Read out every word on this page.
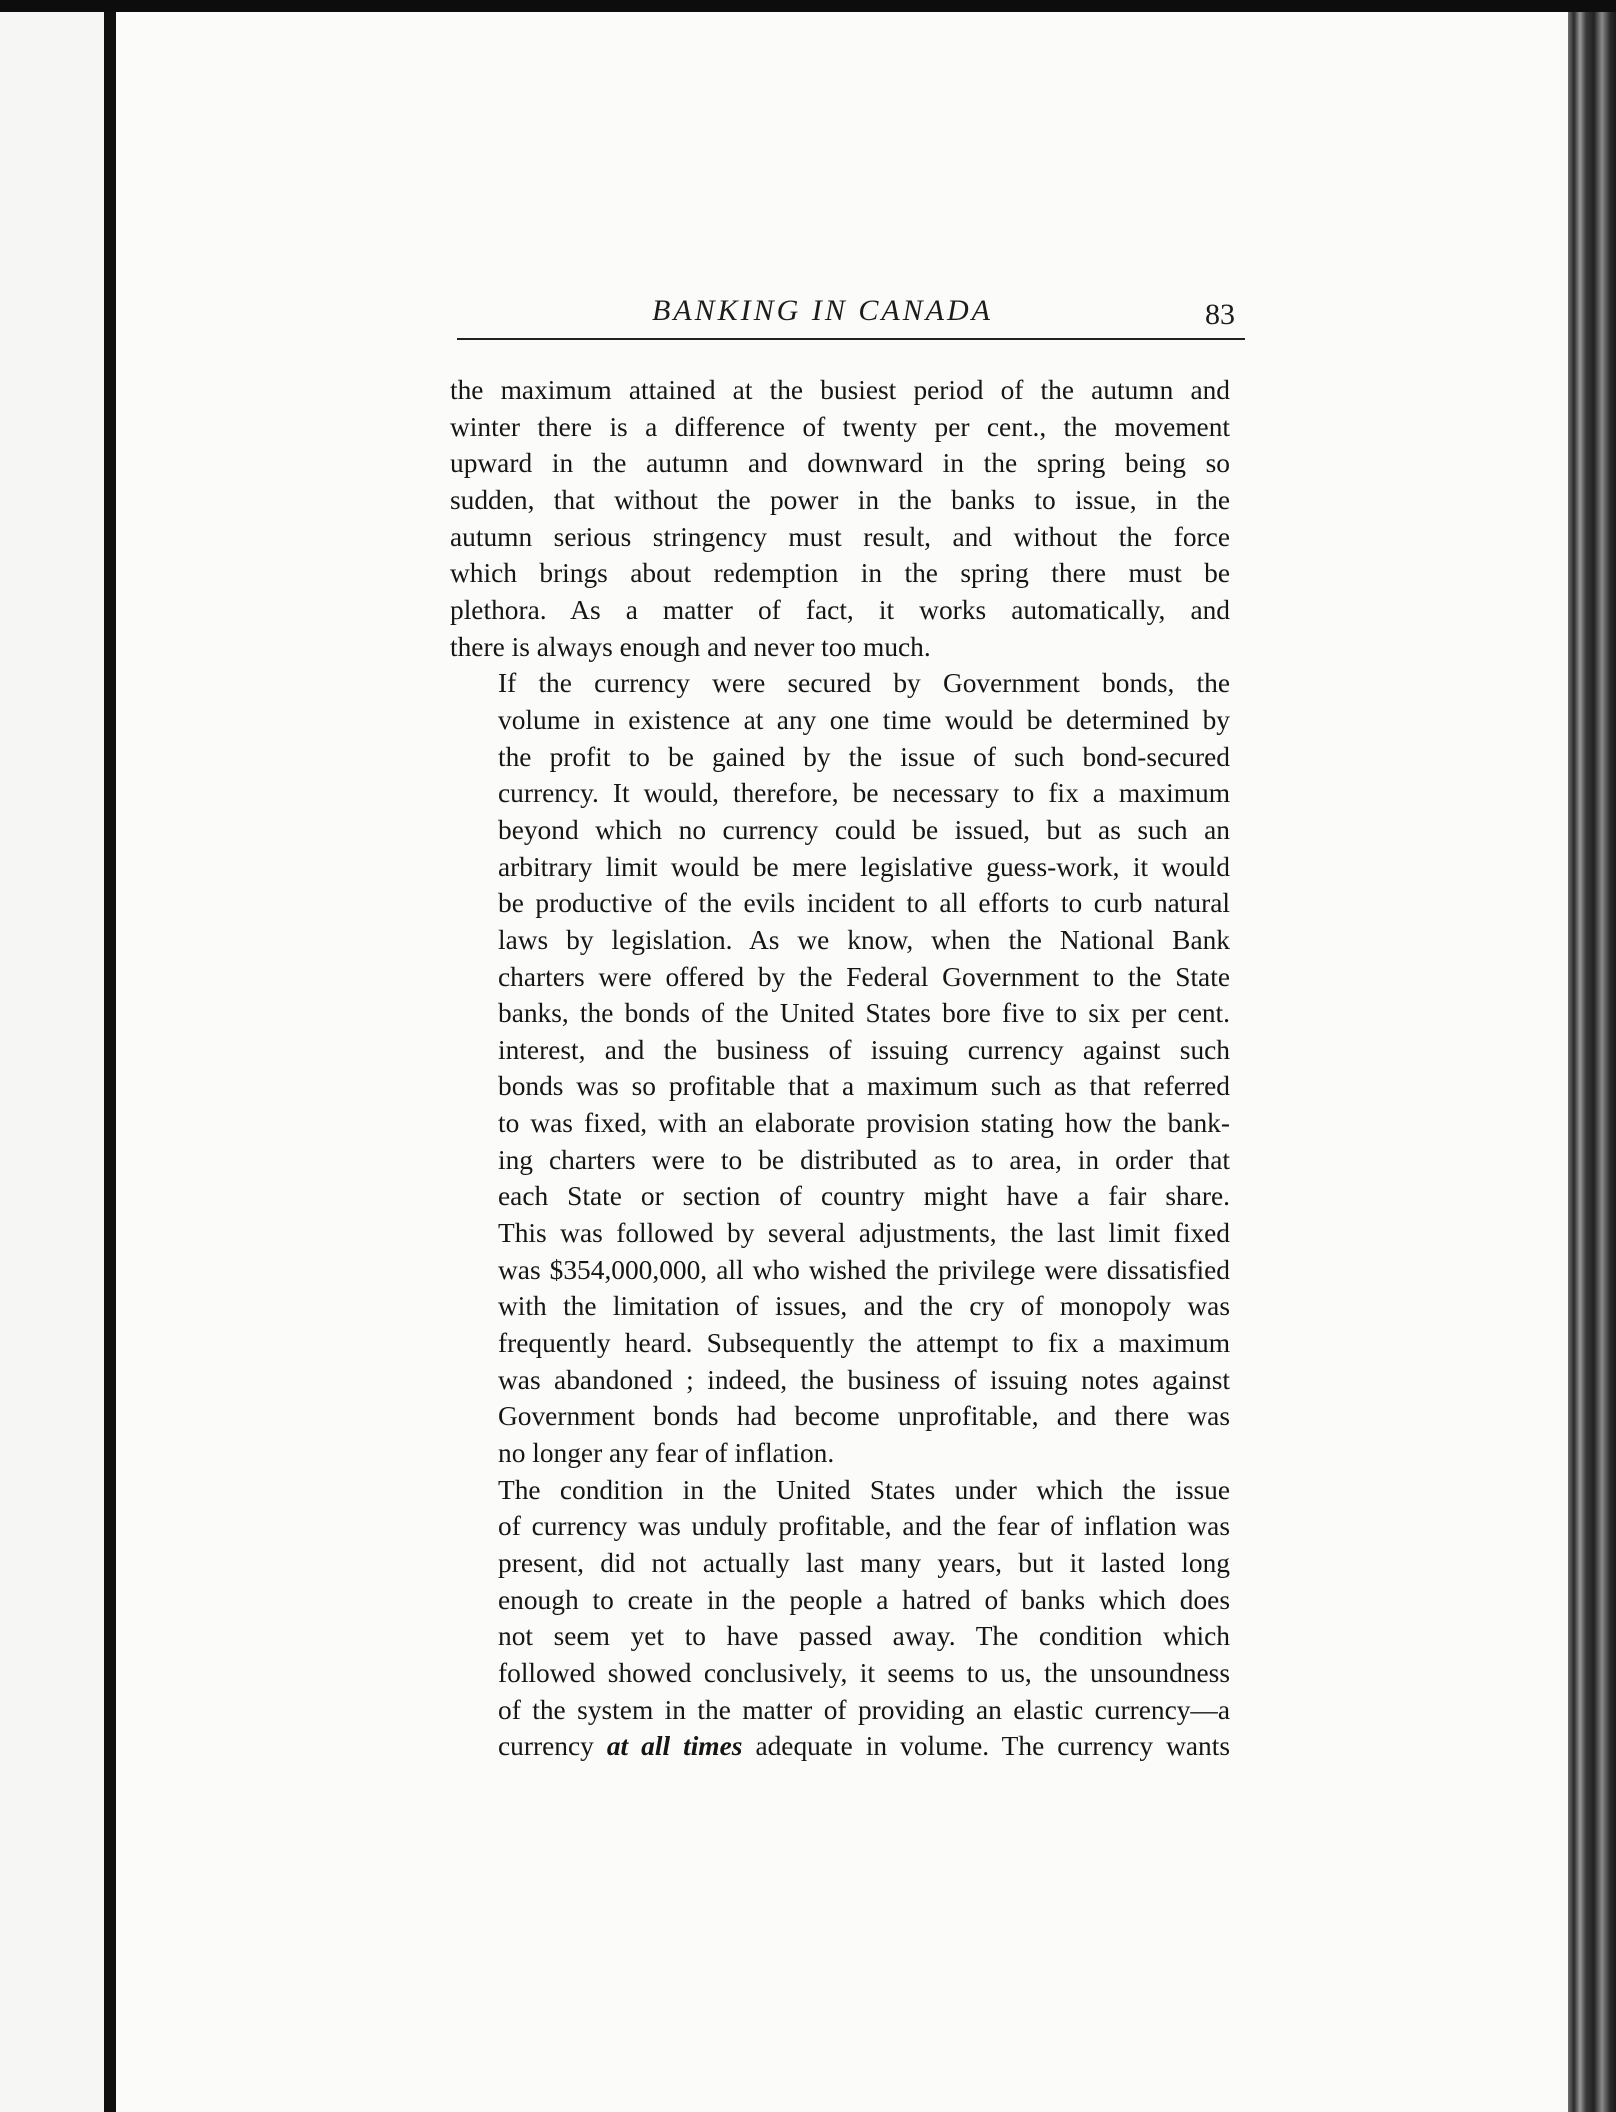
BANKING IN CANADA	83

the maximum attained at the busiest period of the autumn and
winter there is a difference of twenty per cent., the movement
upward in the autumn and downward in the spring being so
sudden, that without the power in the banks to issue, in the
autumn serious stringency must result, and without the force
which brings about redemption in the spring there must be
plethora. As a matter of fact, it works automatically, and
there is always enough and never too much.

If the currency were secured by Government bonds, the
volume in existence at any one time would be determined by
the profit to be gained by the issue of such bond-secured
currency. It would, therefore, be necessary to fix a maximum
beyond which no currency could be issued, but as such an
arbitrary limit would be mere legislative guess-work, it would
be productive of the evils incident to all efforts to curb natural
laws by legislation. As we know, when the National Bank
charters were offered by the Federal Government to the State
banks, the bonds of the United States bore five to six per cent.
interest, and the business of issuing currency against such
bonds was so profitable that a maximum such as that referred
to was fixed, with an elaborate provision stating how the bank-
ing charters were to be distributed as to area, in order that
each State or section of country might have a fair share.
This was followed by several adjustments, the last limit fixed
was $354,000,000, all who wished the privilege were dissatisfied
with the limitation of issues, and the cry of monopoly was
frequently heard. Subsequently the attempt to fix a maximum
was abandoned ; indeed, the business of issuing notes against
Government bonds had become unprofitable, and there was
no longer any fear of inflation.

The condition in the United States under which the issue
of currency was unduly profitable, and the fear of inflation was
present, did not actually last many years, but it lasted long
enough to create in the people a hatred of banks which does
not seem yet to have passed away. The condition which
followed showed conclusively, it seems to us, the unsoundness
of the system in the matter of providing an elastic currency—a
currency at all times adequate in volume. The currency wants
